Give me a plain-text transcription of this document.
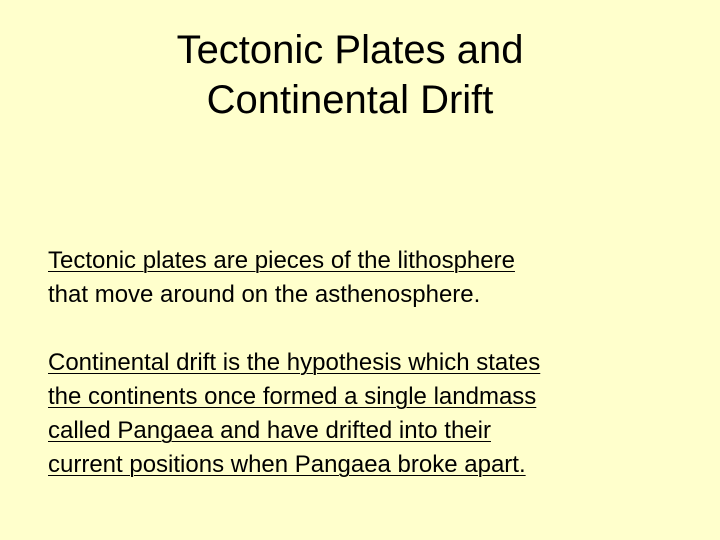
Tectonic Plates and
Continental Drift

Tectonic plates are pieces of the lithosphere
that move around on the asthenosphere.

Continental drift is the hypothesis which states
the continents once formed a single landmass
called Pangaea and have drifted into their
current positions when Pangaea broke apart.
